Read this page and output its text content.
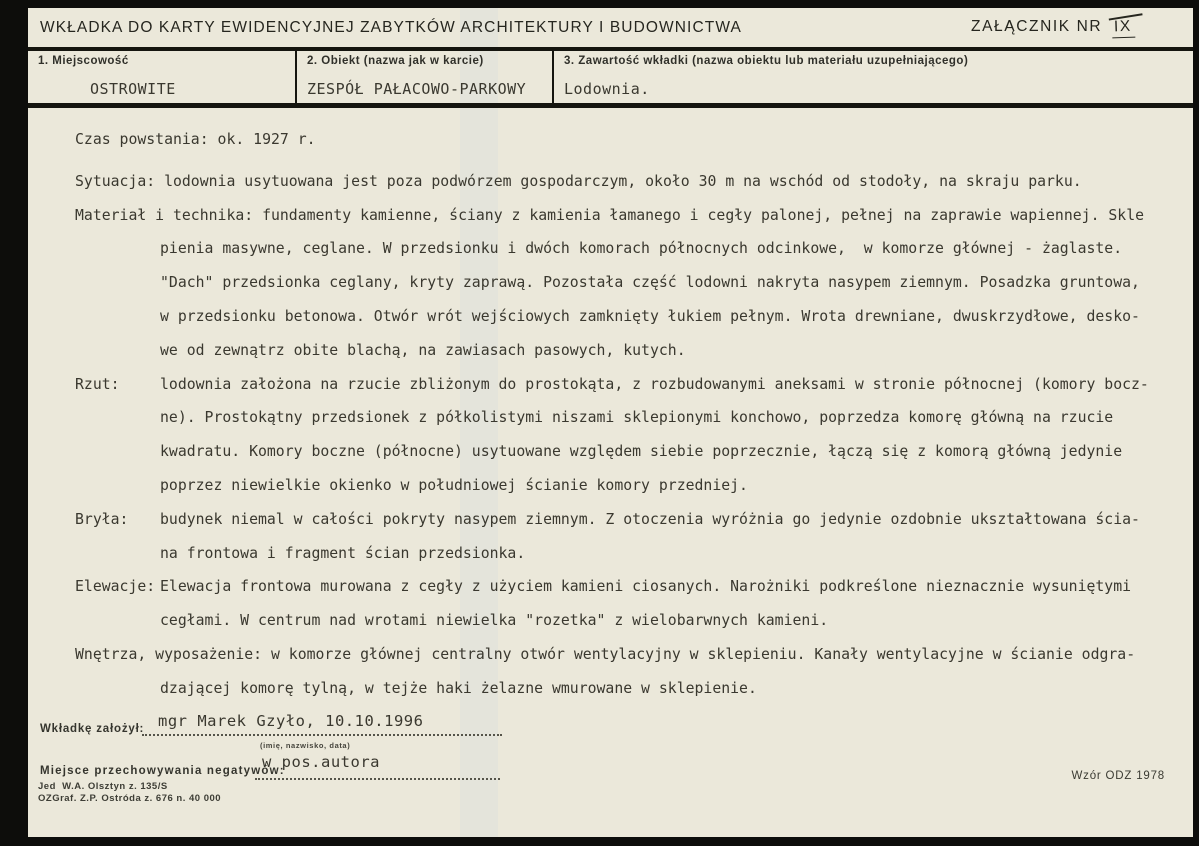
WKŁADKA DO KARTY EWIDENCYJNEJ ZABYTKÓW ARCHITEKTURY I BUDOWNICTWA	ZAŁĄCZNIK NR IX
1. Miejscowość
OSTROWITE
2. Obiekt (nazwa jak w karcie)
ZESPÓŁ PAŁACOWO-PARKOWY
3. Zawartość wkładki (nazwa obiektu lub materiału uzupełniającego)
Lodownia.
Czas powstania: ok. 1927 r.
Sytuacja: lodownia usytuowana jest poza podwórzem gospodarczym, około 30 m na wschód od stodoły, na skraju parku.
Materiał i technika: fundamenty kamienne, ściany z kamienia łamanego i cegły palonej, pełnej na zaprawie wapiennej. Skle
pienia masywne, ceglane. W przedsionku i dwóch komorach północnych odcinkowe,  w komorze głównej - żaglaste.
"Dach" przedsionka ceglany, kryty zaprawą. Pozostała część lodowni nakryta nasypem ziemnym. Posadzka gruntowa,
w przedsionku betonowa. Otwór wrót wejściowych zamknięty łukiem pełnym. Wrota drewniane, dwuskrzydłowe, desko-
we od zewnątrz obite blachą, na zawiasach pasowych, kutych.
Rzut:	lodownia założona na rzucie zbliżonym do prostokąta, z rozbudowanymi aneksami w stronie północnej (komory bocz-
ne). Prostokątny przedsionek z półkolistymi niszami sklepionymi konchowo, poprzedza komorę główną na rzucie
kwadratu. Komory boczne (północne) usytuowane względem siebie poprzecznie, łączą się z komorą główną jedynie
poprzez niewielkie okienko w południowej ścianie komory przedniej.
Bryła: budynek niemal w całości pokryty nasypem ziemnym. Z otoczenia wyróżnia go jedynie ozdobnie ukształtowana ścia-
na frontowa i fragment ścian przedsionka.
Elewacje: Elewacja frontowa murowana z cegły z użyciem kamieni ciosanych. Narożniki podkreślone nieznacznie wysuniętymi
cegłami. W centrum nad wrotami niewielka "rozetka" z wielobarwnych kamieni.
Wnętrza, wyposażenie: w komorze głównej centralny otwór wentylacyjny w sklepieniu. Kanały wentylacyjne w ścianie odgra-
dzającej komorę tylną, w tejże haki żelazne wmurowane w sklepienie.
Wkładkę założył: mgr Marek Gzyło, 10.10.1996
(imię, nazwisko, data)
w pos.autora
Miejsce przechowywania negatywów:
Jed  W.A. Olsztyn z. 135/S
OZGraf. Z.P. Ostróda z. 676 n. 40 000
Wzór ODZ 1978
